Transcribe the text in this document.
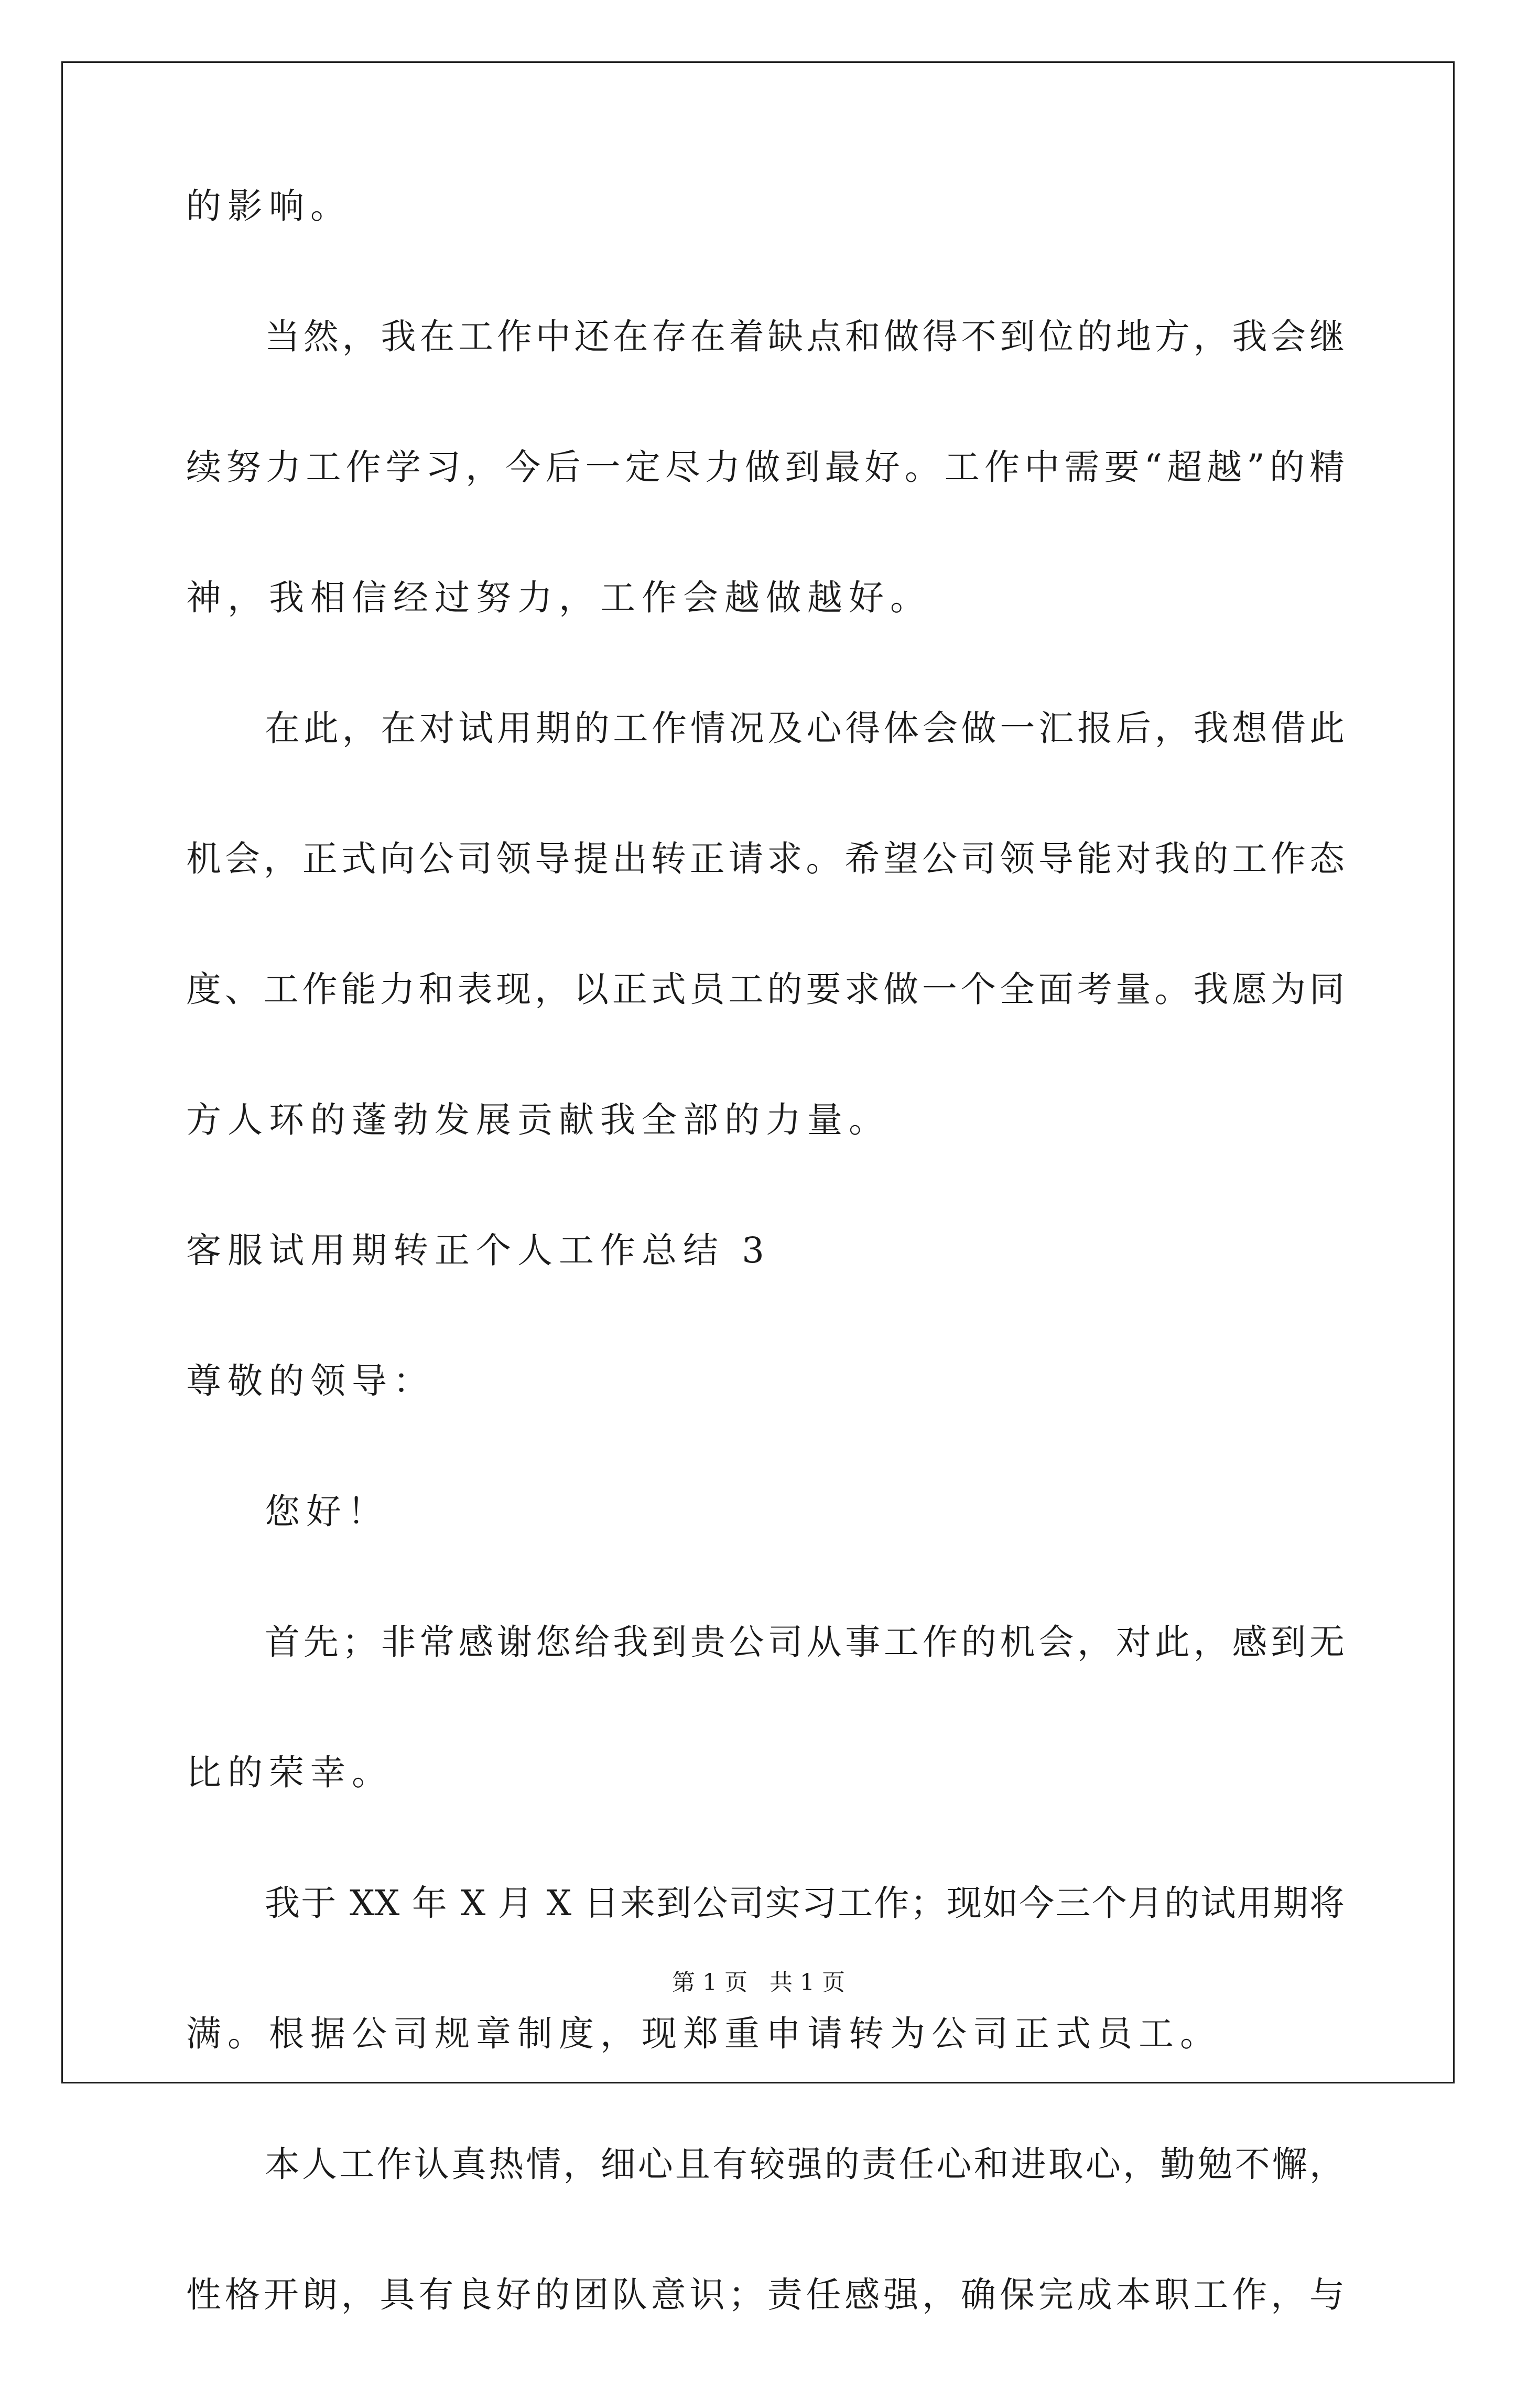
的影响。
当然，我在工作中还在存在着缺点和做得不到位的地方，我会继
续努力工作学习，今后一定尽力做到最好。工作中需要“超越”的精
神，我相信经过努力，工作会越做越好。
在此，在对试用期的工作情况及心得体会做一汇报后，我想借此
机会，正式向公司领导提出转正请求。希望公司领导能对我的工作态
度、工作能力和表现，以正式员工的要求做一个全面考量。我愿为同
方人环的蓬勃发展贡献我全部的力量。
客服试用期转正个人工作总结 3
尊敬的领导：
您好！
首先；非常感谢您给我到贵公司从事工作的机会，对此，感到无
比的荣幸。
我于 XX 年 X 月 X 日来到公司实习工作；现如今三个月的试用期将
满。根据公司规章制度，现郑重申请转为公司正式员工。
本人工作认真热情，细心且有较强的责任心和进取心，勤勉不懈，
性格开朗，具有良好的团队意识；责任感强，确保完成本职工作，与
第 1 页 共 1 页
